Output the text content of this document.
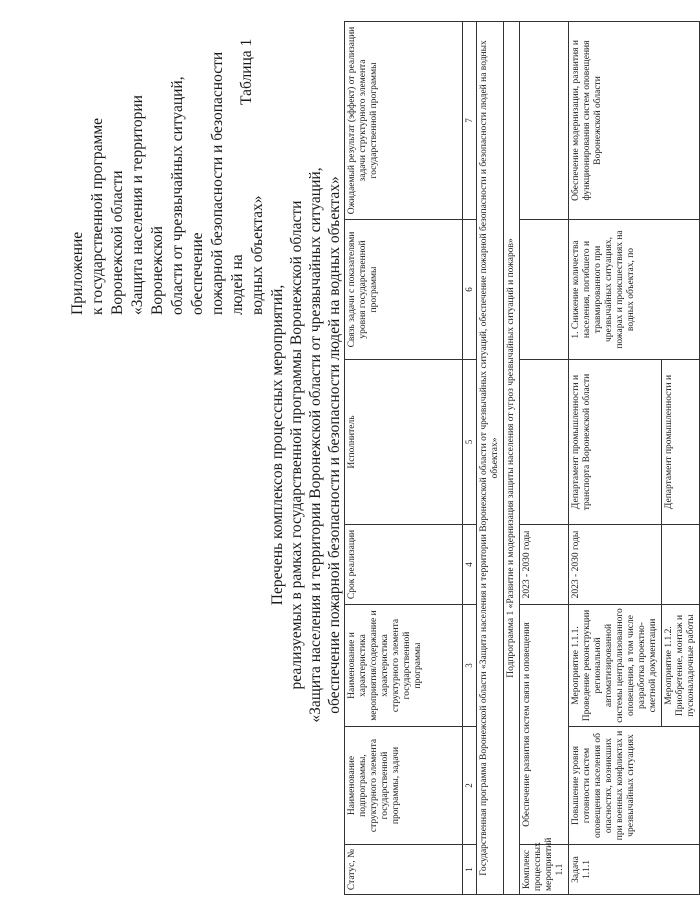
Приложение к государственной программе Воронежской области «Защита населения и территории Воронежской области от чрезвычайных ситуаций, обеспечение пожарной безопасности и безопасности людей на водных объектах»
Таблица 1
Перечень комплексов процессных мероприятий, реализуемых в рамках государственной программы Воронежской области «Защита населения и территории Воронежской области от чрезвычайных ситуаций, обеспечение пожарной безопасности и безопасности людей на водных объектах»
Статус, №	Наименование подпрограммы, структурного элемента государственной программы, задачи	Наименование и характеристика мероприятия/содержание и характеристика структурного элемента государственной программы	Срок реализации	Исполнитель	Связь задачи с показателями уровня государственной программы	Ожидаемый результат (эффект) от реализации задачи структурного элемента государственной программы
1	2	3	4	5	6	7
Государственная программа Воронежской области «Защита населения и территории Воронежской области от чрезвычайных ситуаций, обеспечение пожарной безопасности и безопасности людей на водных объектах»						
Подпрограмма 1 «Развитие и модернизация защиты населения от угроз чрезвычайных ситуаций и пожаров»						
Комплекс процессных мероприятий 1.1	Обеспечение развития систем связи и оповещения		2023 - 2030 годы			
Задача 1.1.1	Повышение уровня готовности систем оповещения населения об опасностях, возникших при военных конфликтах и чрезвычайных ситуациях	Мероприятие 1.1.1. Проведение реконструкции региональной автоматизированной системы централизованного оповещения, в том числе разработка проектно-сметной документации	2023 - 2030 годы	Департамент промышленности и транспорта Воронежской области	1. Снижение количества населения, погибшего и травмированного при чрезвычайных ситуациях, пожарах и происшествиях на водных объектах, по	Обеспечение модернизации, развития и функционирования систем оповещения Воронежской области
		Мероприятие 1.1.2. Приобретение, монтаж и пусконаладочные работы		Департамент промышленности и		
